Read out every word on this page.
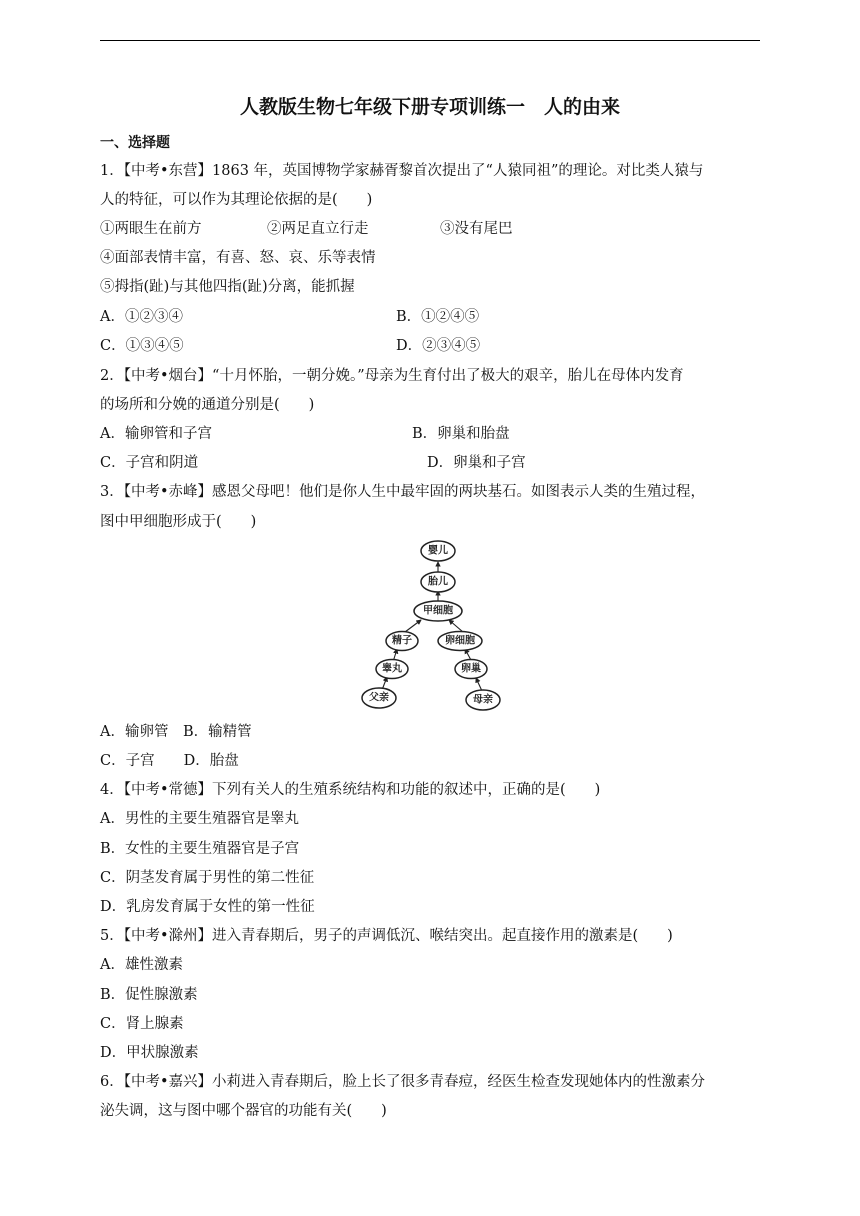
人教版生物七年级下册专项训练一　人的由来
一、选择题
1．【中考•东营】1863 年，英国博物学家赫胥黎首次提出了“人猿同祖”的理论。对比类人猿与
人的特征，可以作为其理论依据的是(　　)
①两眼生在前方	②两足直立行走	③没有尾巴
④面部表情丰富，有喜、怒、哀、乐等表情
⑤拇指(趾)与其他四指(趾)分离，能抓握
A．①②③④	B．①②④⑤
C．①③④⑤	D．②③④⑤
2．【中考•烟台】“十月怀胎，一朝分娩。”母亲为生育付出了极大的艰辛，胎儿在母体内发育
的场所和分娩的通道分别是(　　)
A．输卵管和子宫	B．卵巢和胎盘
C．子宫和阴道	D．卵巢和子宫
3．【中考•赤峰】感恩父母吧！他们是你人生中最牢固的两块基石。如图表示人类的生殖过程，
图中甲细胞形成于(　　)
婴儿
胎儿
甲细胞
精子	卵细胞
睾丸	卵巢
父亲	母亲
A．输卵管　B．输精管
C．子宫　　D．胎盘
4．【中考•常德】下列有关人的生殖系统结构和功能的叙述中，正确的是(　　)
A．男性的主要生殖器官是睾丸
B．女性的主要生殖器官是子宫
C．阴茎发育属于男性的第二性征
D．乳房发育属于女性的第一性征
5．【中考•滁州】进入青春期后，男子的声调低沉、喉结突出。起直接作用的激素是(　　)
A．雄性激素
B．促性腺激素
C．肾上腺素
D．甲状腺激素
6．【中考•嘉兴】小莉进入青春期后，脸上长了很多青春痘，经医生检查发现她体内的性激素分
泌失调，这与图中哪个器官的功能有关(　　)
